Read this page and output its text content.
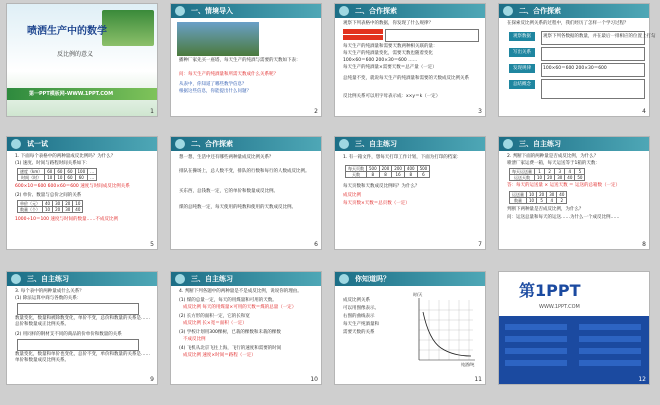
喷洒生产中的数学
反比例的意义
第一PPT模板网-WWW.1PPT.COM
1
一、情境导入
播种厂家先买一座塔，每天生产的纯酒与需要的天数如下表：
问：每天生产的纯酒量和所需天数成什么关系呢？
从表中，你知道了哪些数学信息？
根据这些信息，你能提出什么问题？
2
二、合作探索
观察下列表格中的数据，你发现了什么规律？
每天生产的纯酒量和需要天数两种相关联的量：
每天生产的纯酒量变化，需要天数也随着变化
100×60＝600 200×30＝600 ……
每天生产的纯酒量×需要天数＝总产量（一定）
总纯量不变，就说每天生产的纯酒量和需要的天数成反比例关系
反比例关系可以用字母表示成：x×y＝k（一定）
3
二、合作探索
在探索反比例关系的过程中，我们经历了怎样一个学习过程？
观察数据
写出关系
发现规律
总结概念
观察下列各数据的数量，并在最后一排相应的位置上打勾
100×60＝600 200×30＝600
4
试一试
1. 下面每个表格中的两种量成反比例吗？为什么？
(1) 速度、时间与路程时间关系如下：
速度（km）	60	60	60	100	…
时间（时）	10	10	60	60	…
600×10＝600 600×60＝600 速度与时间成反比例关系
(2) 单价、数量与总价之间的关系
单价（元）	40	30	20	10
数量（个）	10	20	30	40
1000÷10＝100 速度与时间的数量……不成反比例
5
二、合作探索
想一想，生活中还有哪些两种量成反比例关系？
排队在操场上，总人数不变，排队的行数和每行的人数成反比例。
买东西，总钱数一定，它的单价和数量成反比例。
煤的总吨数一定，每天使用的吨数和使用的天数成反比例。
6
三、自主练习
1. 有一箱文件，想每天打印工作计划，下面为打印的档案：
每天页数	500	200	200	400	500
天数	8	8	16	8	6
每天页数和天数成反比例吗？为什么？
成反比例
每天页数×天数＝总页数（一定）
7
三、自主练习
2. 判断下面的两种量是否成反比例，为什么？
喷泄厂家运费一箱，每天运送等于1箱的天数：
每天运送量	1	2	3	4	5
运送天数	10	20	30	40	50
答：每天的运送量 × 运送天数 ＝ 运送的总箱数（一定）
运送量	10	20	30	40
数量	10	5	4	2
判断下两种量是否成反比例，为什么？
问：运送总量和每天的运送……为什么一个成反比例……
8
三、自主练习
3. 每个表中的两种量成什么关系？
(1) 除法运算中商与各数的关系：
数量变化，数量和被除数变化，单价不变，总价和数量的关系是……总价和数量成正比例关系。
(2) 用同样的钢材支不同的商品的价单价和数量的关系
数量变化，数量和单价也变化，总价不变，单价和数量的关系是……单价和数量成反比例关系。
9
三、自主练习
4. 判断下列各题中的两种量是不是成反比例，说说你的理由。
(1) 煤的总量一定，每天的用煤量和可用的天数。
成反比例 每天的用煤量×可用的天数＝煤的总量（一定）
(2) 长方形的面积一定，它的长和宽
成反比例 长×宽＝面积（一定）
(3) 学校计划用300棵树，已栽的棵数和未栽的棵数
不成反比例
(4) 飞机从北京飞往上海，飞行的速度和需要的时间
成反比例 速度×时间＝路程（一定）
10
你知道吗？
成反比例关系
可以用图像表示。
右图的曲线表示
每天生产纯酒量和
需要天数的关系
时/天
纯酒/吨
11
第1PPT
WWW.1PPT.COM
12
